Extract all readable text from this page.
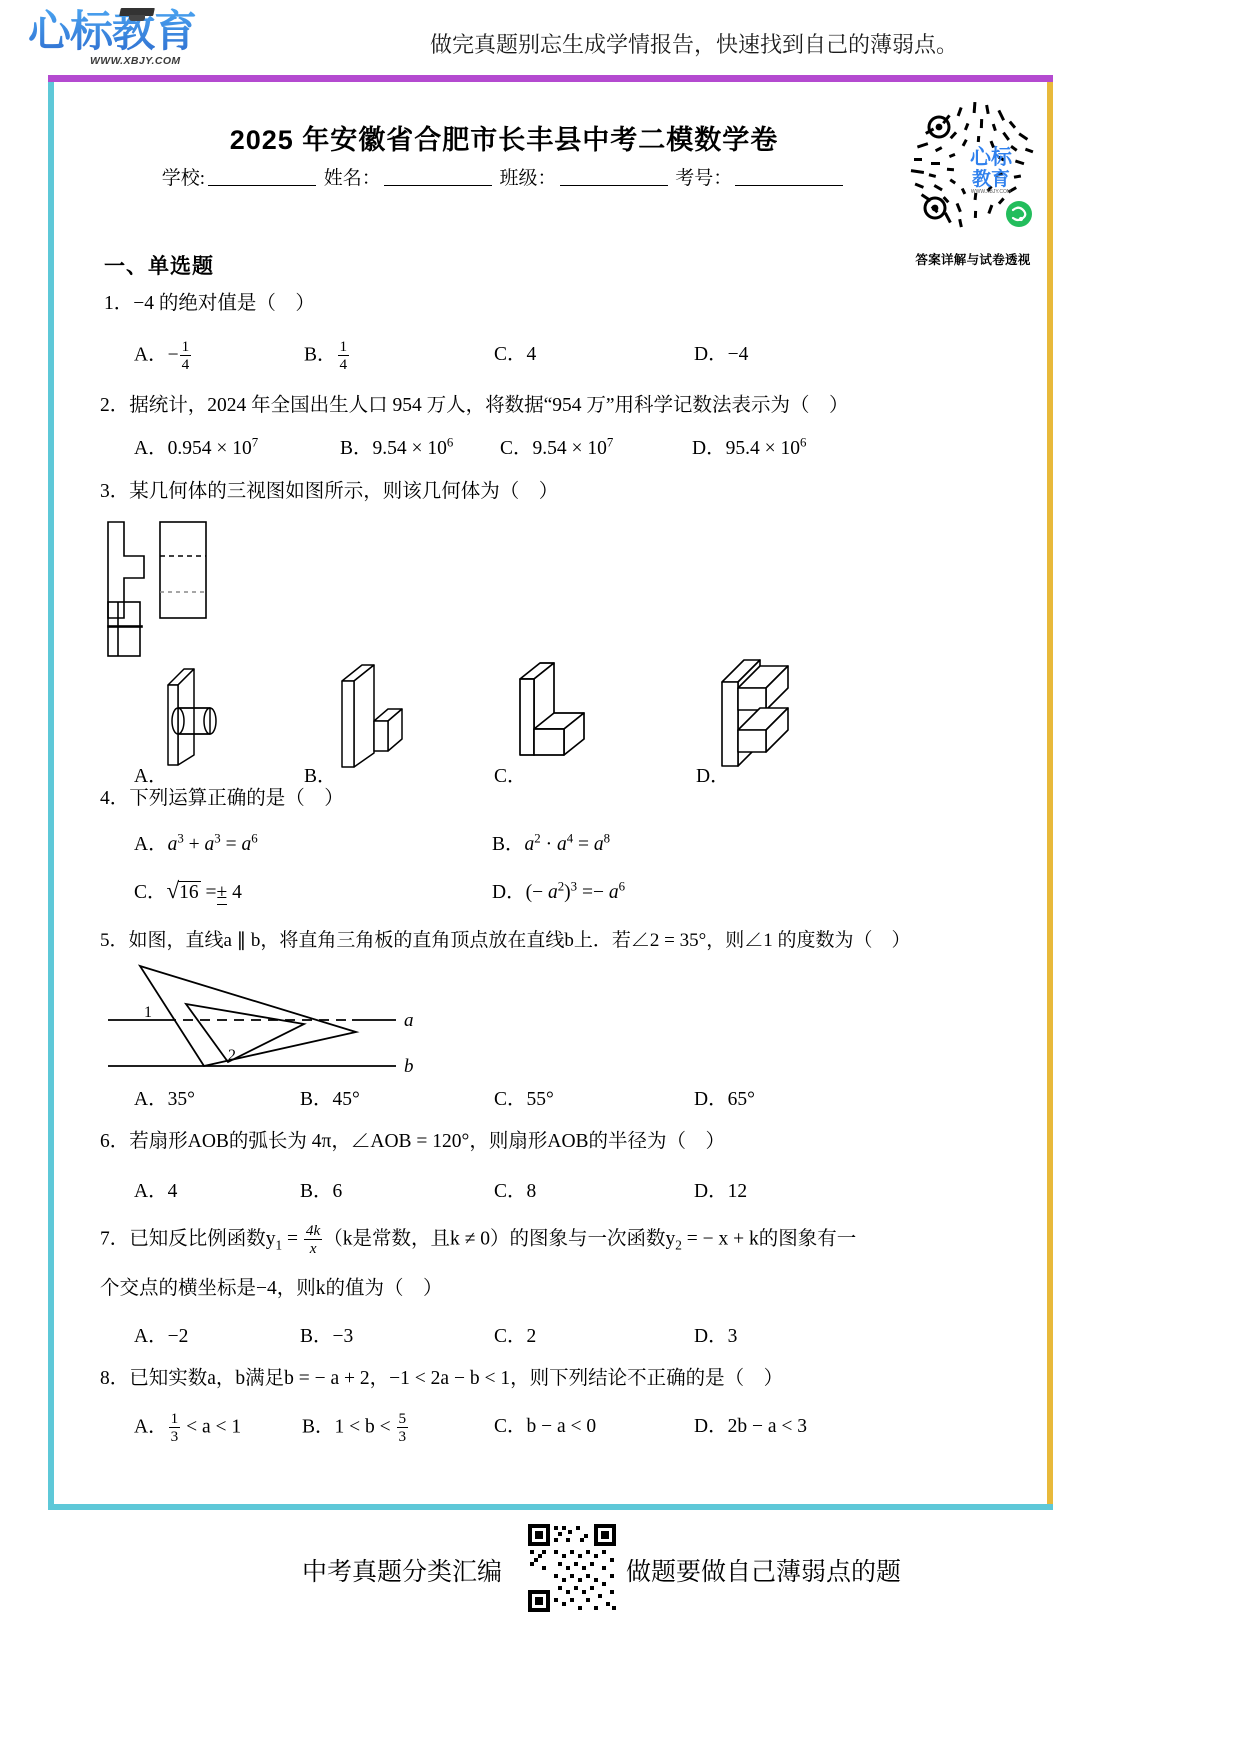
心标教育
WWW.XBJY.COM
做完真题别忘生成学情报告，快速找到自己的薄弱点。
2025 年安徽省合肥市长丰县中考二模数学卷
学校:	姓名：	班级：	考号：
心标
教育
WWW.XBJY.COM
答案详解与试卷透视
一、单选题
1．−4 的绝对值是（　）
A．− $\frac{1}{4}$	B． $\frac{1}{4}$	C．4	D．−4
2．据统计，2024 年全国出生人口 954 万人，将数据“954 万”用科学记数法表示为（　）
A．$0.954 \times 10^7$	B．$9.54 \times 10^6$ C．$9.54 \times 10^7$	D．$95.4 \times 10^6$
3．某几何体的三视图如图所示，则该几何体为（　）
A．	B．	C．	D．
4．下列运算正确的是（　）
A．$a^3 + a^3 = a^6$	B．$a^2 \cdot a^4 = a^8$
C．√16 =± 4	D．(− $a^2)^3 =- a^6$
5．如图，直线a ∥ b，将直角三角板的直角顶点放在直线b上．若∠2 = 35°，则∠1 的度数为（　）
a
b
1
2
A．35°	B．45°	C．55°	D．65°
6．若扇形AOB的弧长为 4π，∠AOB = 120°，则扇形AOB的半径为（　）
A．4	B．6	C．8	D．12
7．已知反比例函数$y_1 = \frac{4k}{x} (k$是常数，且k ≠ 0）的图象与一次函数$y_2$ = − x + k的图象有一
个交点的横坐标是−4，则k的值为（　）
A．−2	B．−3	C．2	D．3
8．已知实数a，b满足b = − a + 2，−1 < 2a − b < 1，则下列结论不正确的是（　）
A． $\frac{1}{3} < a < 1$	B．$1 < b < \frac{5}{3}$	C．b − a < 0	D．2b − a < 3
中考真题分类汇编	做题要做自己薄弱点的题
